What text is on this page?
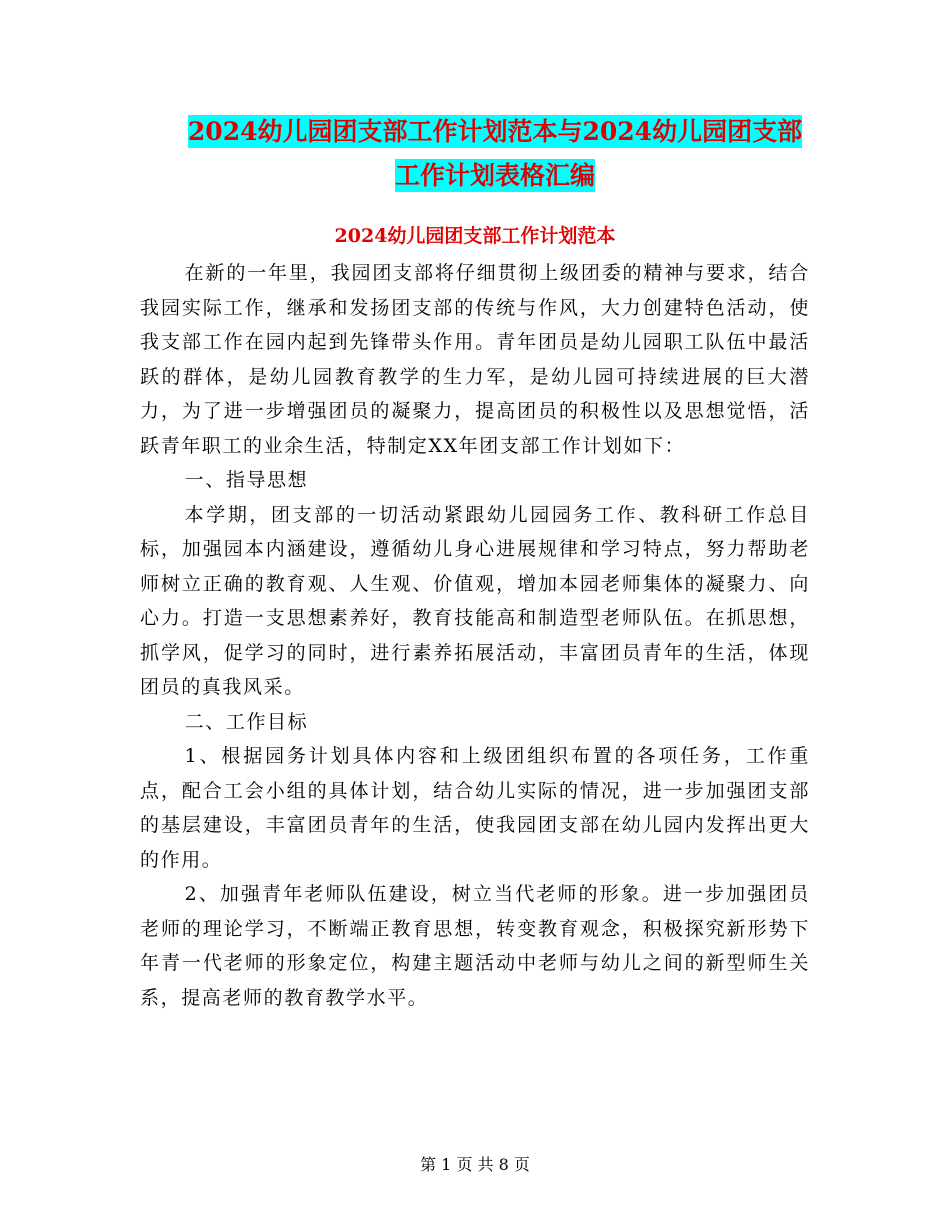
2024幼儿园团支部工作计划范本与2024幼儿园团支部
工作计划表格汇编
2024幼儿园团支部工作计划范本

在新的一年里，我园团支部将仔细贯彻上级团委的精神与要求，结合我园实际工作，继承和发扬团支部的传统与作风，大力创建特色活动，使我支部工作在园内起到先锋带头作用。青年团员是幼儿园职工队伍中最活跃的群体，是幼儿园教育教学的生力军，是幼儿园可持续进展的巨大潜力，为了进一步增强团员的凝聚力，提高团员的积极性以及思想觉悟，活跃青年职工的业余生活，特制定XX年团支部工作计划如下：

一、指导思想

本学期，团支部的一切活动紧跟幼儿园园务工作、教科研工作总目标，加强园本内涵建设，遵循幼儿身心进展规律和学习特点，努力帮助老师树立正确的教育观、人生观、价值观，增加本园老师集体的凝聚力、向心力。打造一支思想素养好，教育技能高和制造型老师队伍。在抓思想，抓学风，促学习的同时，进行素养拓展活动，丰富团员青年的生活，体现团员的真我风采。

二、工作目标

1、根据园务计划具体内容和上级团组织布置的各项任务，工作重点，配合工会小组的具体计划，结合幼儿实际的情况，进一步加强团支部的基层建设，丰富团员青年的生活，使我园团支部在幼儿园内发挥出更大的作用。

2、加强青年老师队伍建设，树立当代老师的形象。进一步加强团员老师的理论学习，不断端正教育思想，转变教育观念，积极探究新形势下年青一代老师的形象定位，构建主题活动中老师与幼儿之间的新型师生关系，提高老师的教育教学水平。

第 1 页 共 8 页
